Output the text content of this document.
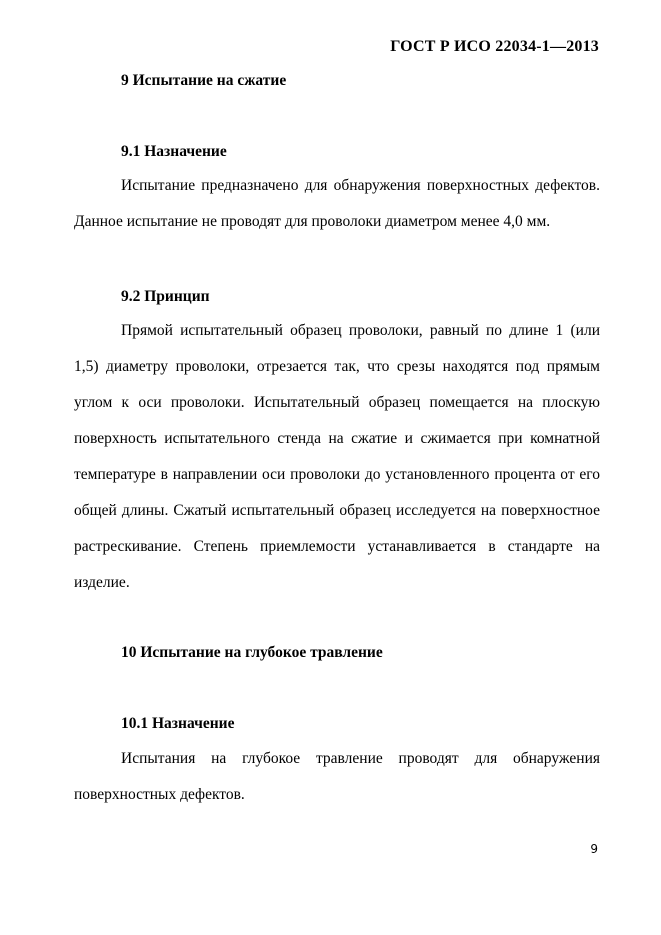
ГОСТ Р ИСО 22034-1—2013
9 Испытание на сжатие
9.1 Назначение
Испытание предназначено для обнаружения поверхностных дефектов. Данное испытание не проводят для проволоки диаметром менее 4,0 мм.
9.2 Принцип
Прямой испытательный образец проволоки, равный по длине 1 (или 1,5) диаметру проволоки, отрезается так, что срезы находятся под прямым углом к оси проволоки. Испытательный образец помещается на плоскую поверхность испытательного стенда на сжатие и сжимается при комнатной температуре в направлении оси проволоки до установленного процента от его общей длины. Сжатый испытательный образец исследуется на поверхностное растрескивание. Степень приемлемости устанавливается в стандарте на изделие.
10 Испытание на глубокое травление
10.1 Назначение
Испытания на глубокое травление проводят для обнаружения поверхностных дефектов.
9
